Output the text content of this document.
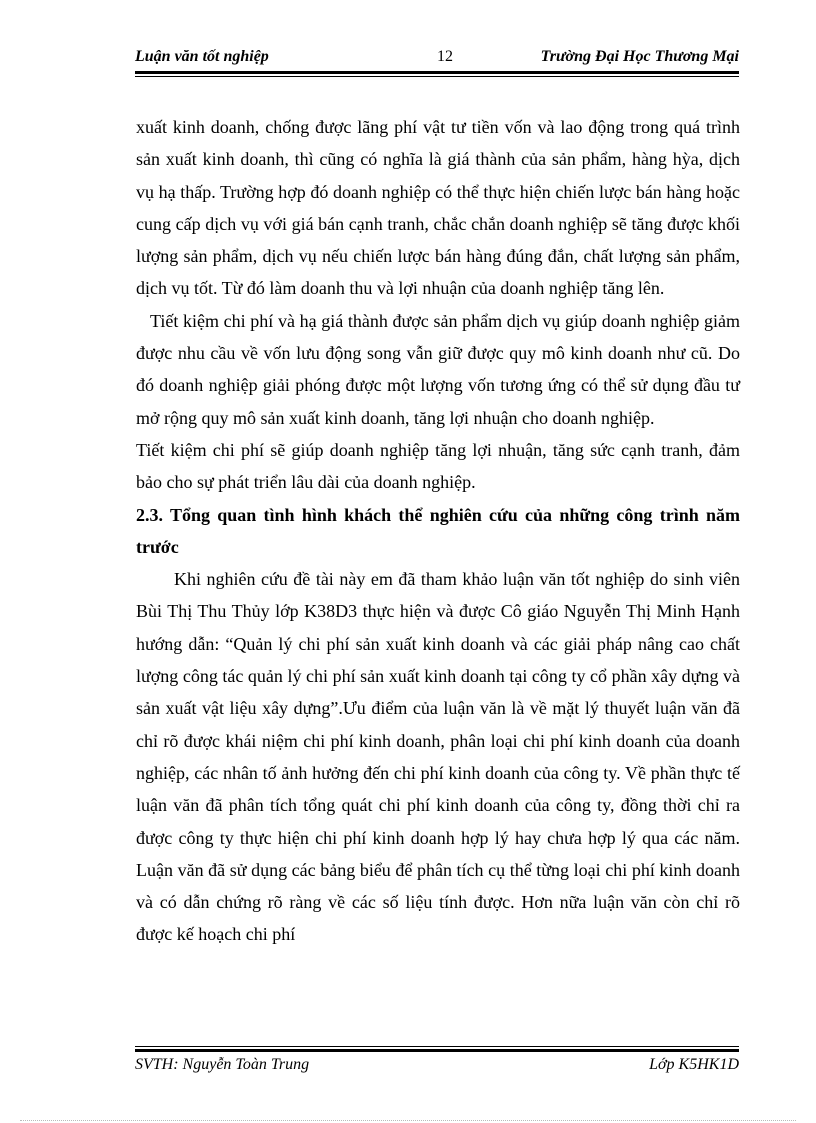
Luận văn tốt nghiệp	12	Trường Đại Học Thương Mại

xuất kinh doanh, chống được lãng phí vật tư tiền vốn và lao động trong quá trình sản xuất kinh doanh, thì cũng có nghĩa là giá thành của sản phẩm, hàng hỳa, dịch vụ hạ thấp. Trường hợp đó doanh nghiệp có thể thực hiện chiến lược bán hàng hoặc cung cấp dịch vụ với giá bán cạnh tranh, chắc chắn doanh nghiệp sẽ tăng được khối lượng sản phẩm, dịch vụ nếu chiến lược bán hàng đúng đắn, chất lượng sản phẩm, dịch vụ tốt. Từ đó làm doanh thu và lợi nhuận của doanh nghiệp tăng lên.

Tiết kiệm chi phí và hạ giá thành được sản phẩm dịch vụ giúp doanh nghiệp giảm được nhu cầu về vốn lưu động song vẫn giữ được quy mô kinh doanh như cũ. Do đó doanh nghiệp giải phóng được một lượng vốn tương ứng có thể sử dụng đầu tư mở rộng quy mô sản xuất kinh doanh, tăng lợi nhuận cho doanh nghiệp.

Tiết kiệm chi phí sẽ giúp doanh nghiệp tăng lợi nhuận, tăng sức cạnh tranh, đảm bảo cho sự phát triển lâu dài của doanh nghiệp.

2.3. Tổng quan tình hình khách thể nghiên cứu của những công trình năm trước

Khi nghiên cứu đề tài này em đã tham khảo luận văn tốt nghiệp do sinh viên Bùi Thị Thu Thủy lớp K38D3 thực hiện và được Cô giáo Nguyễn Thị Minh Hạnh hướng dẫn: “Quản lý chi phí sản xuất kinh doanh và các giải pháp nâng cao chất lượng công tác quản lý chi phí sản xuất kinh doanh tại công ty cổ phần xây dựng và sản xuất vật liệu xây dựng”.Ưu điểm của luận văn là về mặt lý thuyết luận văn đã chỉ rõ được khái niệm chi phí kinh doanh, phân loại chi phí kinh doanh của doanh nghiệp, các nhân tố ảnh hưởng đến chi phí kinh doanh của công ty. Về phần thực tế luận văn đã phân tích tổng quát chi phí kinh doanh của công ty, đồng thời chỉ ra được công ty thực hiện chi phí kinh doanh hợp lý hay chưa hợp lý qua các năm. Luận văn đã sử dụng các bảng biểu để phân tích cụ thể từng loại chi phí kinh doanh và có dẫn chứng rõ ràng về các số liệu tính được. Hơn nữa luận văn còn chỉ rõ được kế hoạch chi phí

SVTH: Nguyễn Toàn Trung	Lớp K5HK1D
